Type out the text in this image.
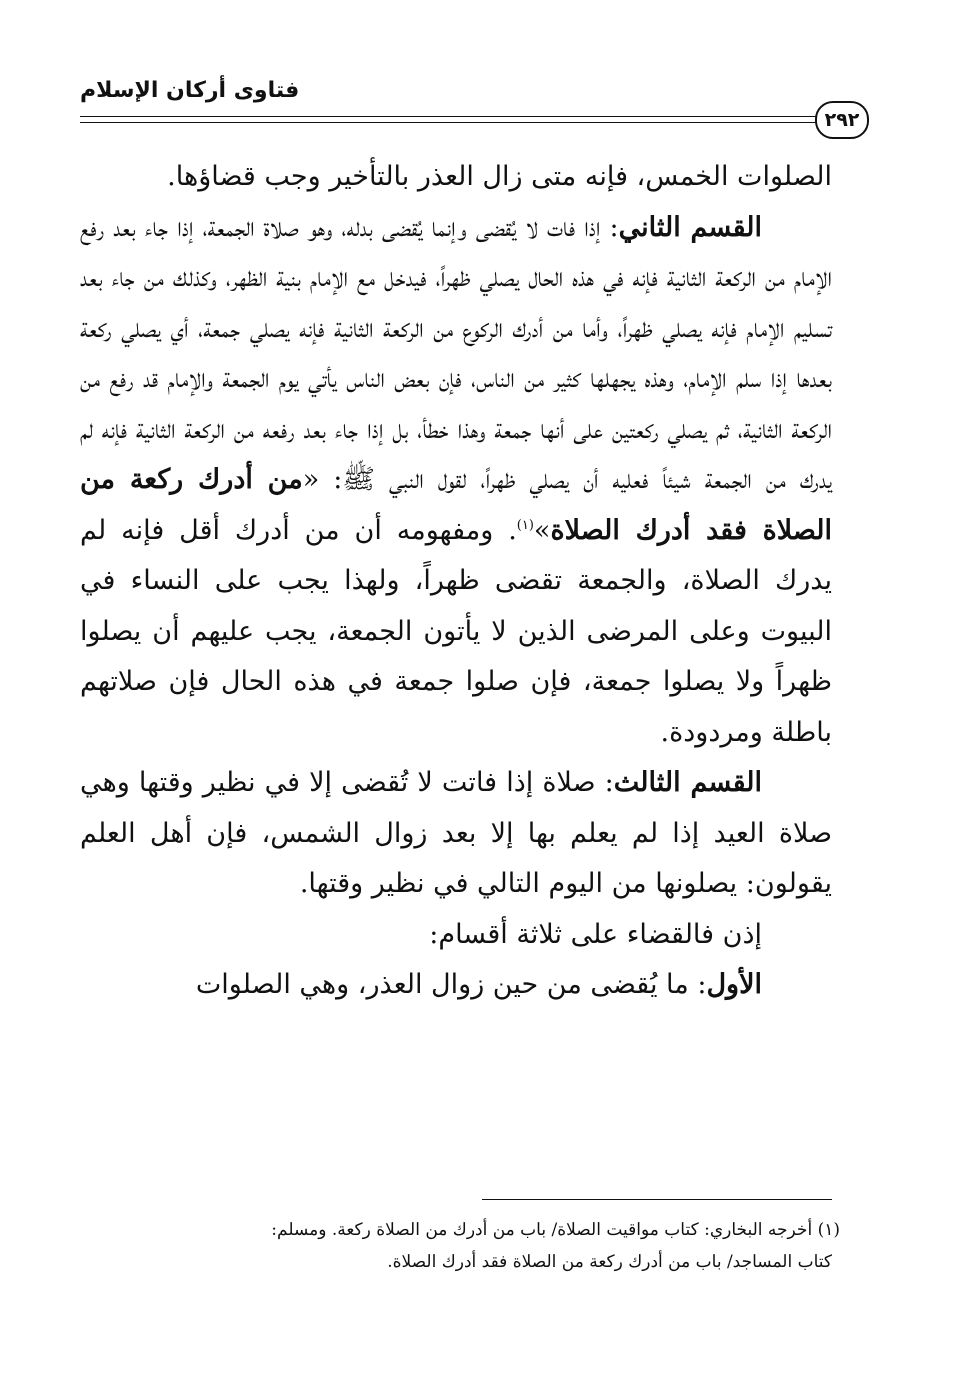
فتاوى أركان الإسلام
٢٩٢

الصلوات الخمس، فإنه متى زال العذر بالتأخير وجب قضاؤها.

القسم الثاني: إذا فات لا يُقضى وإنما يُقضى بدله، وهو صلاة الجمعة، إذا جاء بعد رفع الإمام من الركعة الثانية فإنه في هذه الحال يصلي ظهراً، فيدخل مع الإمام بنية الظهر، وكذلك من جاء بعد تسليم الإمام فإنه يصلي ظهراً، وأما من أدرك الركوع من الركعة الثانية فإنه يصلي جمعة، أي يصلي ركعة بعدها إذا سلم الإمام، وهذه يجهلها كثير من الناس، فإن بعض الناس يأتي يوم الجمعة والإمام قد رفع من الركعة الثانية، ثم يصلي ركعتين على أنها جمعة وهذا خطأ، بل إذا جاء بعد رفعه من الركعة الثانية فإنه لم يدرك من الجمعة شيئاً فعليه أن يصلي ظهراً، لقول النبي ﷺ: «من أدرك ركعة من الصلاة فقد أدرك الصلاة»$^{(١)}$. ومفهومه أن من أدرك أقل فإنه لم يدرك الصلاة، والجمعة تقضى ظهراً، ولهذا يجب على النساء في البيوت وعلى المرضى الذين لا يأتون الجمعة، يجب عليهم أن يصلوا ظهراً ولا يصلوا جمعة، فإن صلوا جمعة في هذه الحال فإن صلاتهم باطلة ومردودة.

القسم الثالث: صلاة إذا فاتت لا تُقضى إلا في نظير وقتها وهي صلاة العيد إذا لم يعلم بها إلا بعد زوال الشمس، فإن أهل العلم يقولون: يصلونها من اليوم التالي في نظير وقتها.

إذن فالقضاء على ثلاثة أقسام:

الأول: ما يُقضى من حين زوال العذر، وهي الصلوات

(١) أخرجه البخاري: كتاب مواقيت الصلاة/ باب من أدرك من الصلاة ركعة. ومسلم:

كتاب المساجد/ باب من أدرك ركعة من الصلاة فقد أدرك الصلاة.
